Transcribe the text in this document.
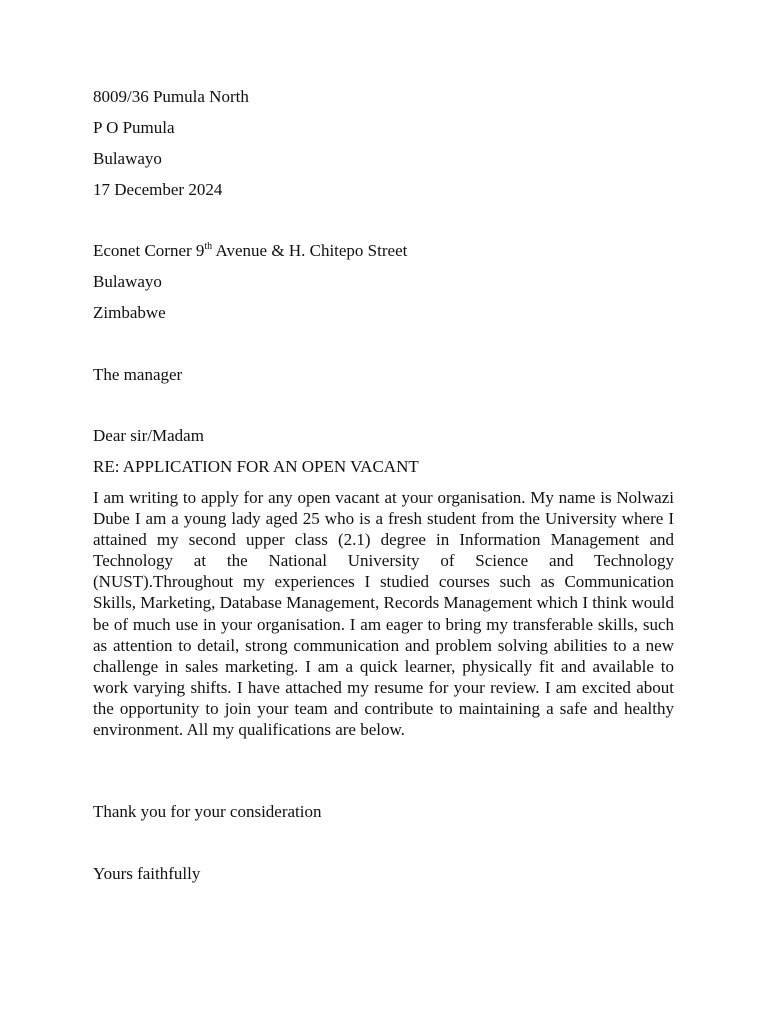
8009/36 Pumula North
P O Pumula
Bulawayo
17 December 2024
Econet Corner 9th Avenue & H. Chitepo Street
Bulawayo
Zimbabwe
The manager
Dear sir/Madam
RE: APPLICATION FOR AN OPEN VACANT
I am writing to apply for any open vacant at your organisation. My name is Nolwazi Dube I am a young lady aged 25 who is a fresh student from the University where I attained my second upper class (2.1) degree in Information Management and Technology at the National University of Science and Technology (NUST).Throughout my experiences I studied courses such as Communication Skills, Marketing, Database Management, Records Management which I think would be of much use in your organisation. I am eager to bring my transferable skills, such as attention to detail, strong communication and problem solving abilities to a new challenge in sales marketing. I am a quick learner, physically fit and available to work varying shifts. I have attached my resume for your review. I am excited about the opportunity to join your team and contribute to maintaining a safe and healthy environment. All my qualifications are below.
Thank you for your consideration
Yours faithfully
